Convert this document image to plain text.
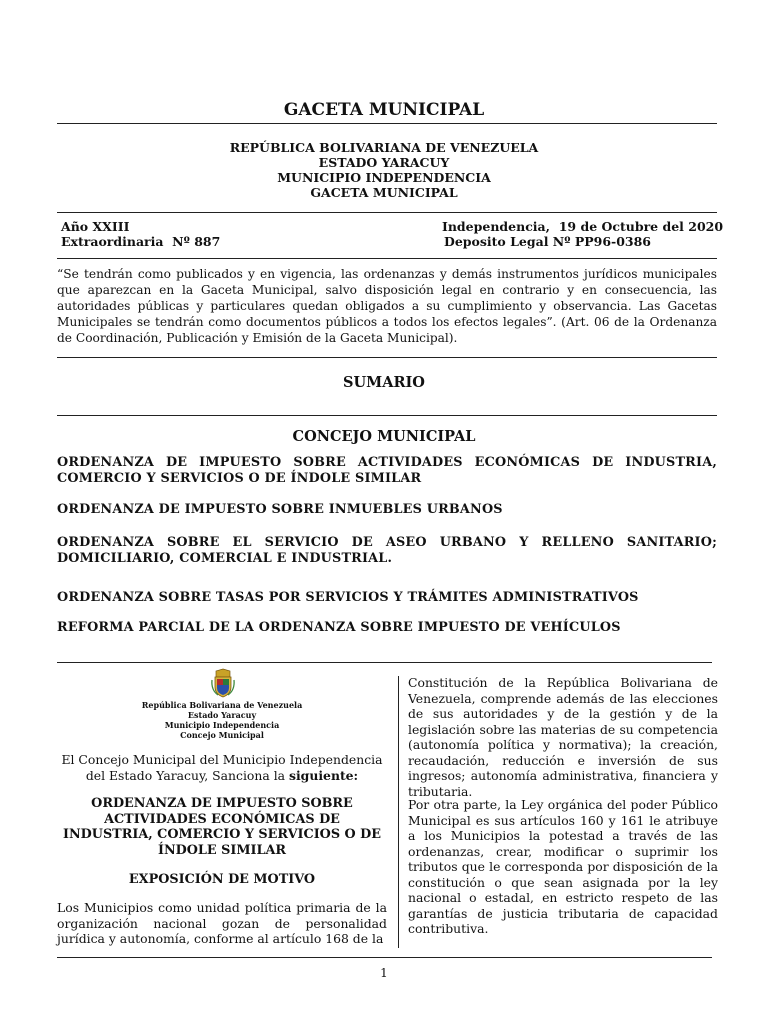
GACETA MUNICIPAL
REPÚBLICA BOLIVARIANA DE VENEZUELA
ESTADO YARACUY
MUNICIPIO INDEPENDENCIA
GACETA MUNICIPAL
Año XXIII
Extraordinaria  Nº 887
Independencia,  19 de Octubre del 2020
Deposito Legal Nº PP96-0386
“Se tendrán como publicados y en vigencia, las ordenanzas y demás instrumentos jurídicos municipales que aparezcan en la Gaceta Municipal, salvo disposición legal en contrario y en consecuencia, las autoridades públicas y particulares quedan obligados a su cumplimiento y observancia. Las Gacetas Municipales se tendrán como documentos públicos a todos los efectos legales”. (Art. 06 de la Ordenanza de Coordinación, Publicación y Emisión de la Gaceta Municipal).
SUMARIO
CONCEJO MUNICIPAL
ORDENANZA DE IMPUESTO SOBRE ACTIVIDADES ECONÓMICAS DE INDUSTRIA, COMERCIO Y SERVICIOS O DE ÍNDOLE SIMILAR
ORDENANZA DE IMPUESTO SOBRE INMUEBLES URBANOS
ORDENANZA SOBRE EL SERVICIO DE ASEO URBANO Y RELLENO SANITARIO; DOMICILIARIO, COMERCIAL E INDUSTRIAL.
ORDENANZA SOBRE TASAS POR SERVICIOS Y TRÁMITES ADMINISTRATIVOS
REFORMA PARCIAL DE LA ORDENANZA SOBRE IMPUESTO DE VEHÍCULOS
República Bolivariana de Venezuela
Estado Yaracuy
Municipio Independencia
Concejo Municipal
El Concejo Municipal del Municipio Independencia del Estado Yaracuy, Sanciona la siguiente:
ORDENANZA DE IMPUESTO SOBRE ACTIVIDADES ECONÓMICAS DE INDUSTRIA, COMERCIO Y SERVICIOS O DE ÍNDOLE SIMILAR
EXPOSICIÓN DE MOTIVO
Los Municipios como unidad política primaria de la organización nacional gozan de personalidad jurídica y autonomía, conforme al artículo 168 de la
Constitución de la República Bolivariana de Venezuela, comprende además de las elecciones de sus autoridades y de la gestión y de la legislación sobre las materias de su competencia (autonomía política y normativa); la creación, recaudación, reducción e inversión de sus ingresos; autonomía administrativa, financiera y tributaria.
Por otra parte, la Ley orgánica del poder Público Municipal es sus artículos 160 y 161 le atribuye a los Municipios la potestad a través de las ordenanzas, crear, modificar o suprimir los tributos que le corresponda por disposición de la constitución o que sean asignada por la ley nacional o estadal, en estricto respeto de las garantías de justicia tributaria de capacidad contributiva.
1
